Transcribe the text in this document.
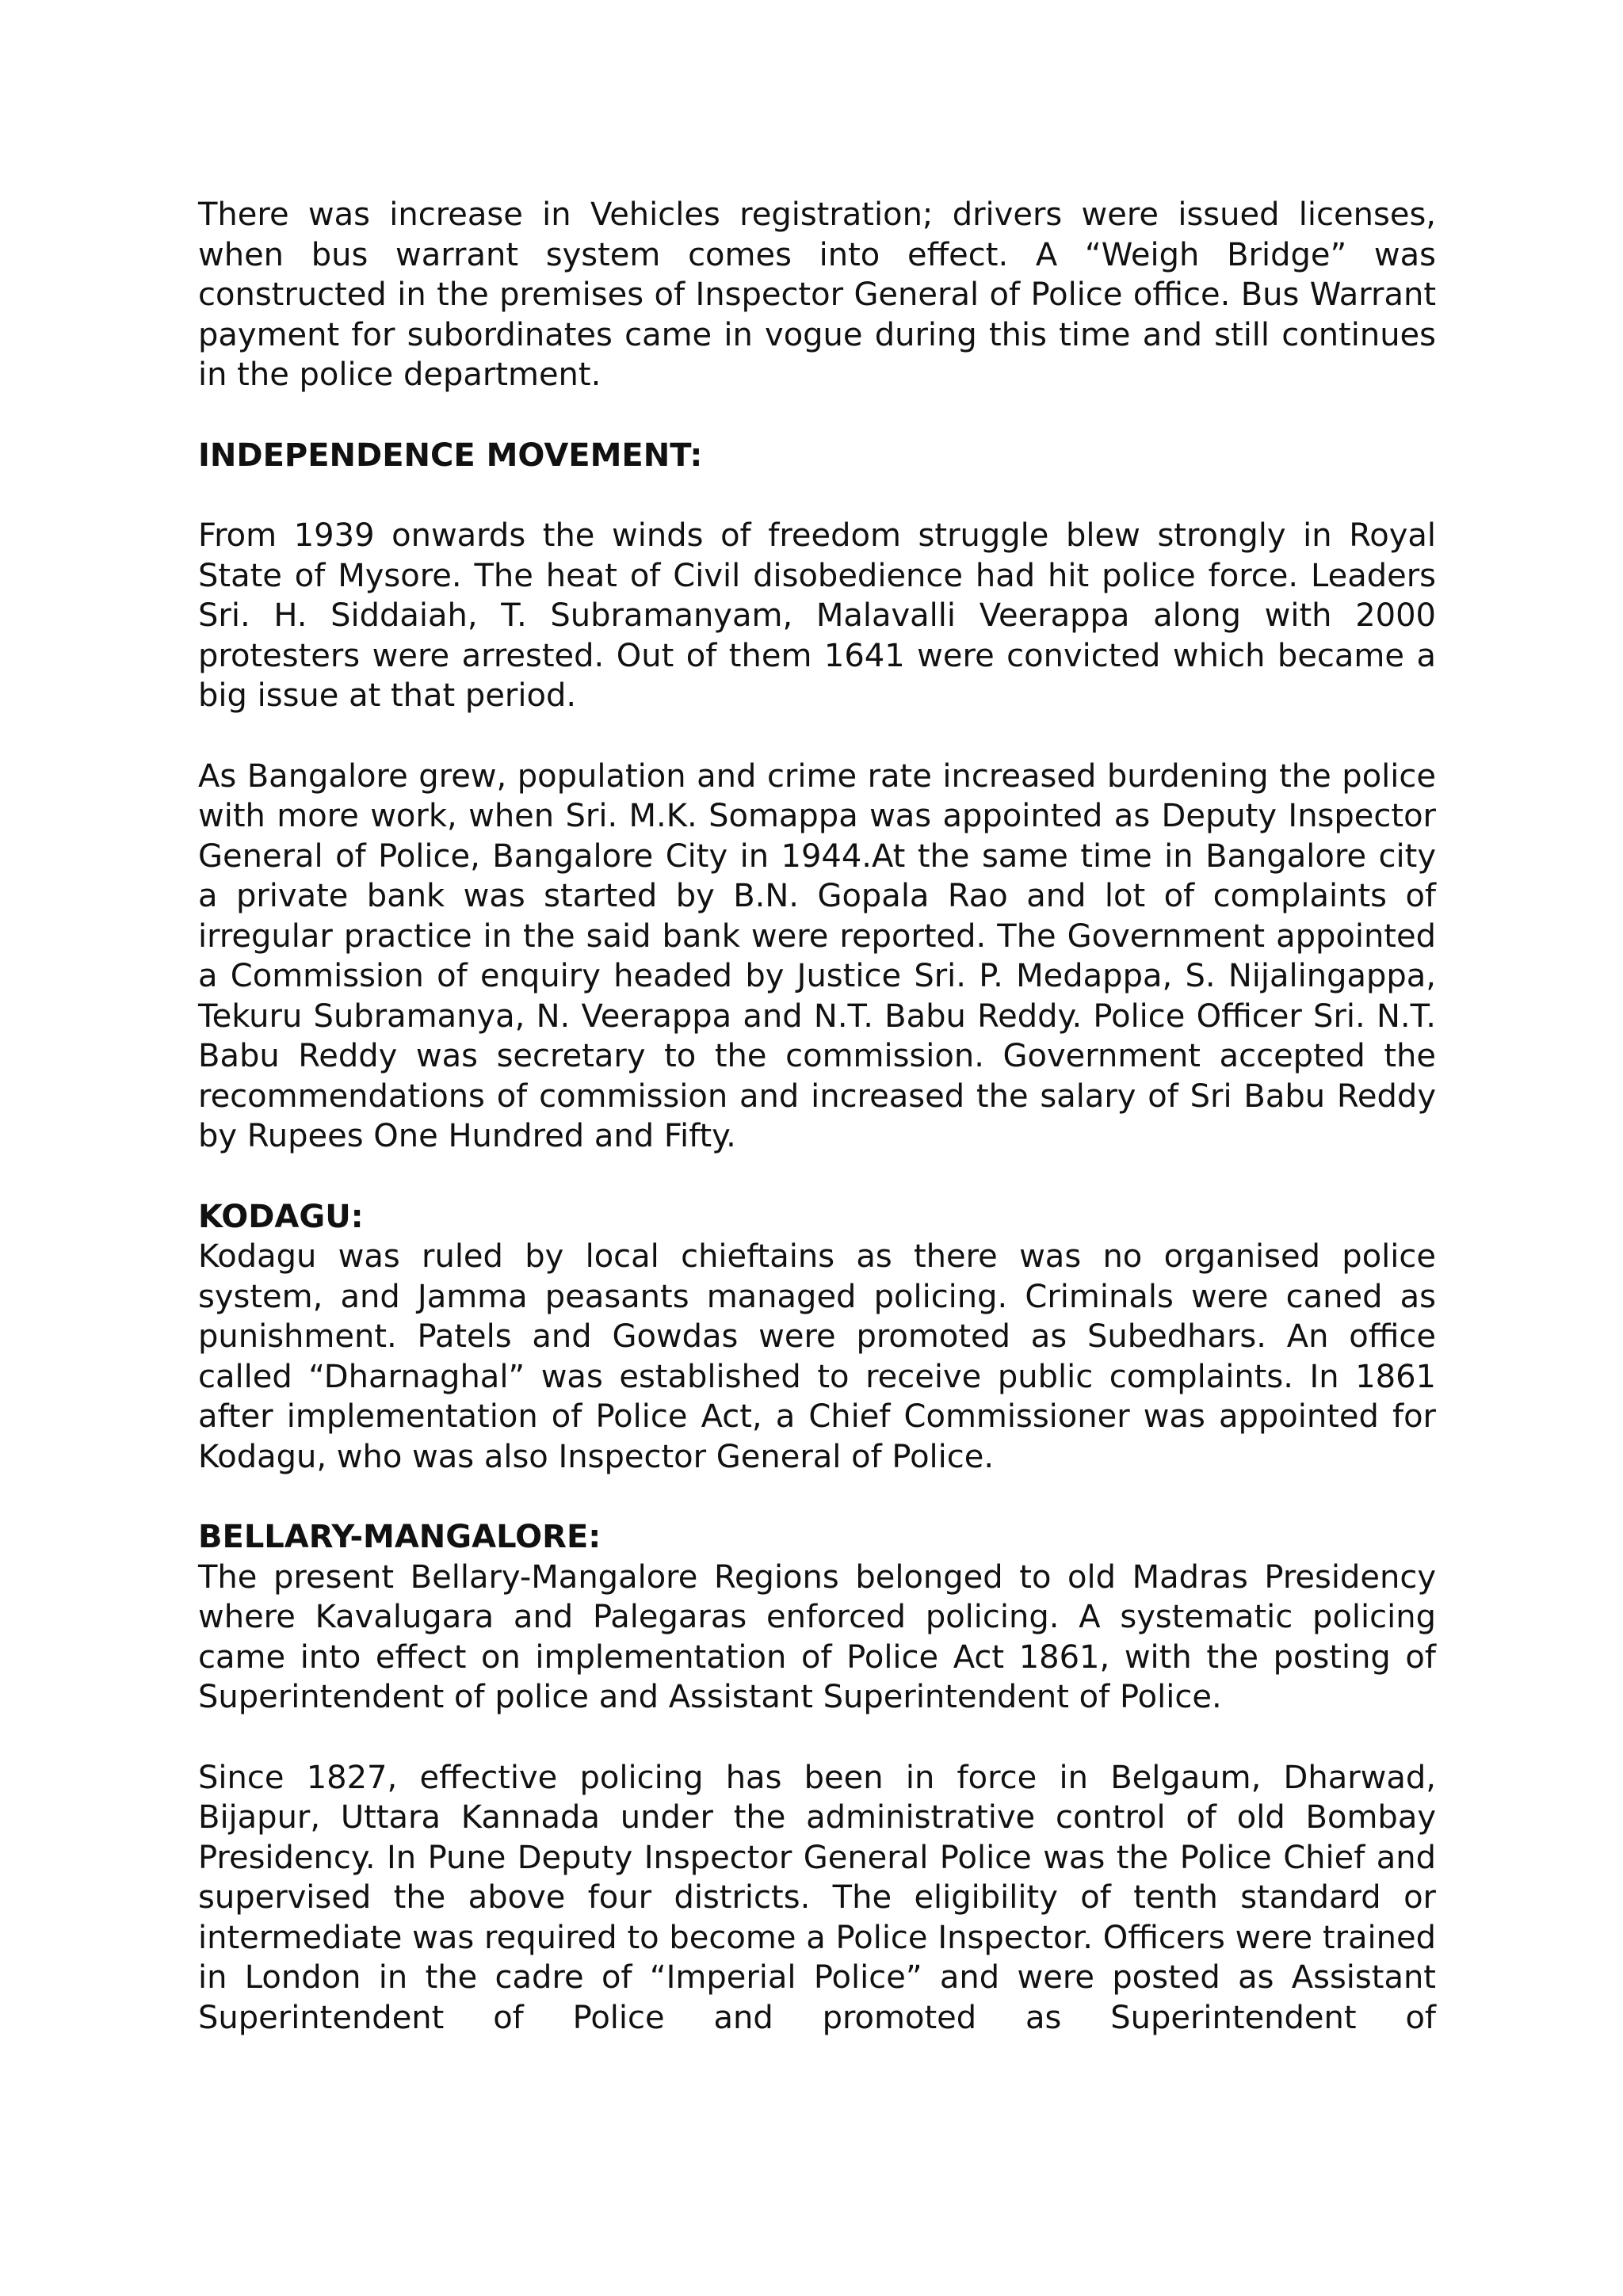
There was increase in Vehicles registration; drivers were issued licenses, when bus warrant system comes into effect. A “Weigh Bridge” was constructed in the premises of Inspector General of Police office. Bus Warrant payment for subordinates came in vogue during this time and still continues in the police department.

INDEPENDENCE MOVEMENT:

From 1939 onwards the winds of freedom struggle blew strongly in Royal State of Mysore. The heat of Civil disobedience had hit police force. Leaders Sri. H. Siddaiah, T. Subramanyam, Malavalli Veerappa along with 2000 protesters were arrested. Out of them 1641 were convicted which became a big issue at that period.

As Bangalore grew, population and crime rate increased burdening the police with more work, when Sri. M.K. Somappa was appointed as Deputy Inspector General of Police, Bangalore City in 1944.At the same time in Bangalore city a private bank was started by B.N. Gopala Rao and lot of complaints of irregular practice in the said bank were reported. The Government appointed a Commission of enquiry headed by Justice Sri. P. Medappa, S. Nijalingappa, Tekuru Subramanya, N. Veerappa and N.T. Babu Reddy. Police Officer Sri. N.T. Babu Reddy was secretary to the commission. Government accepted the recommendations of commission and increased the salary of Sri Babu Reddy by Rupees One Hundred and Fifty.

KODAGU:

Kodagu was ruled by local chieftains as there was no organised police system, and Jamma peasants managed policing. Criminals were caned as punishment. Patels and Gowdas were promoted as Subedhars. An office called “Dharnaghal” was established to receive public complaints. In 1861 after implementation of Police Act, a Chief Commissioner was appointed for Kodagu, who was also Inspector General of Police.

BELLARY-MANGALORE:

The present Bellary-Mangalore Regions belonged to old Madras Presidency where Kavalugara and Palegaras enforced policing. A systematic policing came into effect on implementation of Police Act 1861, with the posting of Superintendent of police and Assistant Superintendent of Police.

Since 1827, effective policing has been in force in Belgaum, Dharwad, Bijapur, Uttara Kannada under the administrative control of old Bombay Presidency. In Pune Deputy Inspector General Police was the Police Chief and supervised the above four districts. The eligibility of tenth standard or intermediate was required to become a Police Inspector. Officers were trained in London in the cadre of “Imperial Police” and were posted as Assistant Superintendent of Police and promoted as Superintendent of
